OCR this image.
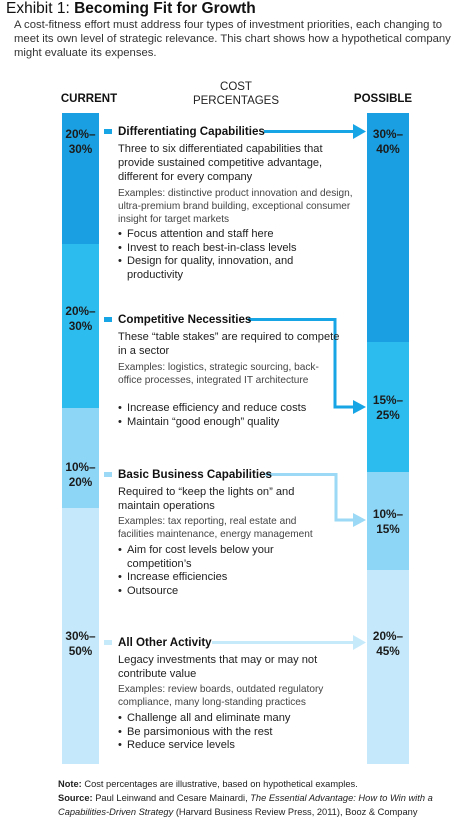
Exhibit 1: Becoming Fit for Growth
A cost-fitness effort must address four types of investment priorities, each changing to meet its own level of strategic relevance. This chart shows how a hypothetical company might evaluate its expenses.
CURRENT
COST PERCENTAGES	POSSIBLE
20%–
30%
20%–
30%
10%–
20%
30%–
50%
30%–
40%
15%–
25%
10%–
15%
20%–
45%
Differentiating Capabilities
Three to six differentiated capabilities that provide sustained competitive advantage, different for every company
Examples: distinctive product innovation and design, ultra-premium brand building, exceptional consumer insight for target markets
• Focus attention and staff here
• Invest to reach best-in-class levels
• Design for quality, innovation, and productivity
Competitive Necessities
These “table stakes” are required to compete in a sector
Examples: logistics, strategic sourcing, back-office processes, integrated IT architecture
• Increase efficiency and reduce costs
• Maintain “good enough” quality
Basic Business Capabilities
Required to “keep the lights on” and maintain operations
Examples: tax reporting, real estate and facilities maintenance, energy management
• Aim for cost levels below your competition’s
• Increase efficiencies
• Outsource
All Other Activity
Legacy investments that may or may not contribute value
Examples: review boards, outdated regulatory compliance, many long-standing practices
• Challenge all and eliminate many
• Be parsimonious with the rest
• Reduce service levels
Note: Cost percentages are illustrative, based on hypothetical examples.
Source: Paul Leinwand and Cesare Mainardi, The Essential Advantage: How to Win with a Capabilities-Driven Strategy (Harvard Business Review Press, 2011), Booz & Company
